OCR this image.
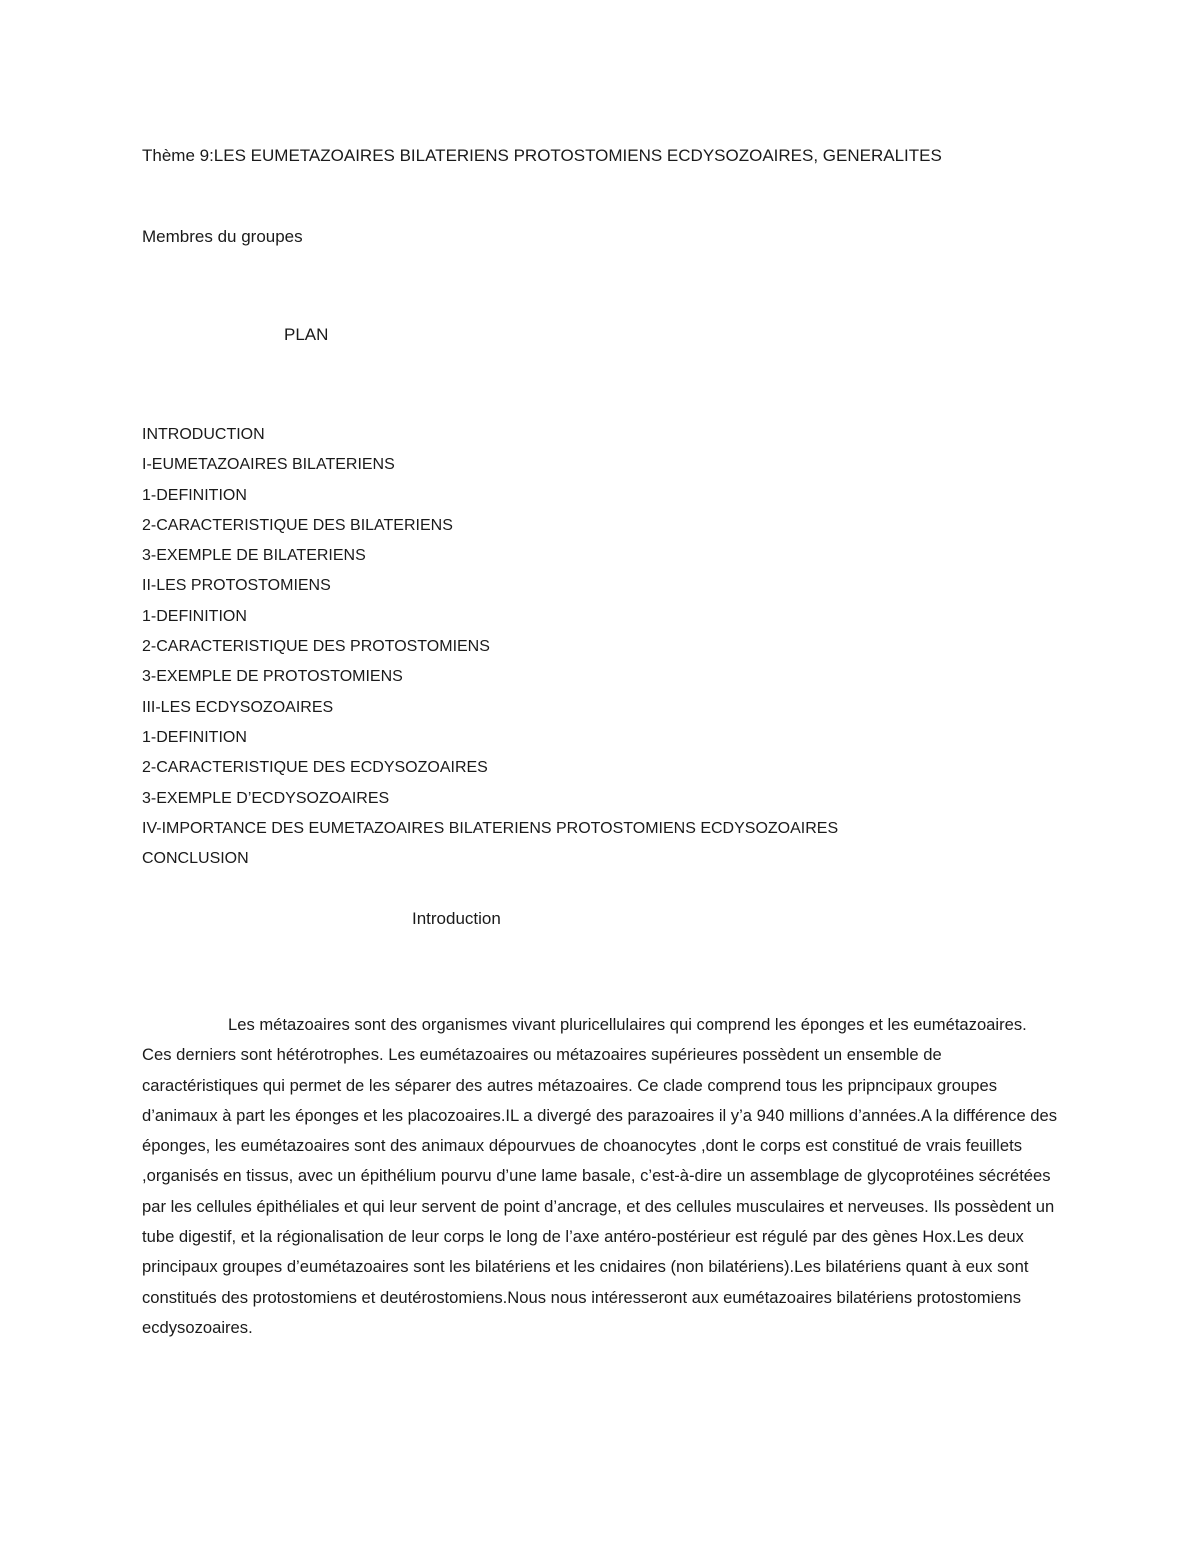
Thème 9:LES EUMETAZOAIRES BILATERIENS PROTOSTOMIENS ECDYSOZOAIRES, GENERALITES
Membres du groupes
PLAN
INTRODUCTION
I-EUMETAZOAIRES BILATERIENS
1-DEFINITION
2-CARACTERISTIQUE DES BILATERIENS
3-EXEMPLE DE BILATERIENS
II-LES PROTOSTOMIENS
1-DEFINITION
2-CARACTERISTIQUE DES PROTOSTOMIENS
3-EXEMPLE DE PROTOSTOMIENS
III-LES ECDYSOZOAIRES
1-DEFINITION
2-CARACTERISTIQUE DES ECDYSOZOAIRES
3-EXEMPLE D’ECDYSOZOAIRES
IV-IMPORTANCE DES EUMETAZOAIRES BILATERIENS PROTOSTOMIENS ECDYSOZOAIRES
CONCLUSION
Introduction

Les métazoaires sont des organismes vivant pluricellulaires qui comprend les éponges et les eumétazoaires. Ces derniers sont hétérotrophes. Les eumétazoaires ou métazoaires supérieures possèdent un ensemble de caractéristiques qui permet de les séparer des autres métazoaires. Ce clade comprend tous les pripncipaux groupes d’animaux à part les éponges et les placozoaires.IL a divergé des parazoaires il y’a 940 millions d’années.A la différence des éponges, les eumétazoaires sont des animaux dépourvues de choanocytes ,dont le corps est constitué de vrais feuillets ,organisés en tissus, avec un épithélium pourvu d’une lame basale, c’est-à-dire un assemblage de glycoprotéines sécrétées par les cellules épithéliales et qui leur servent de point d’ancrage, et des cellules musculaires et nerveuses. Ils possèdent un tube digestif, et la régionalisation de leur corps le long de l’axe antéro-postérieur est régulé par des gènes Hox.Les deux principaux groupes d’eumétazoaires sont les bilatériens et les cnidaires (non bilatériens).Les bilatériens quant à eux sont constitués des protostomiens et deutérostomiens.Nous nous intéresseront aux eumétazoaires bilatériens protostomiens ecdysozoaires.
